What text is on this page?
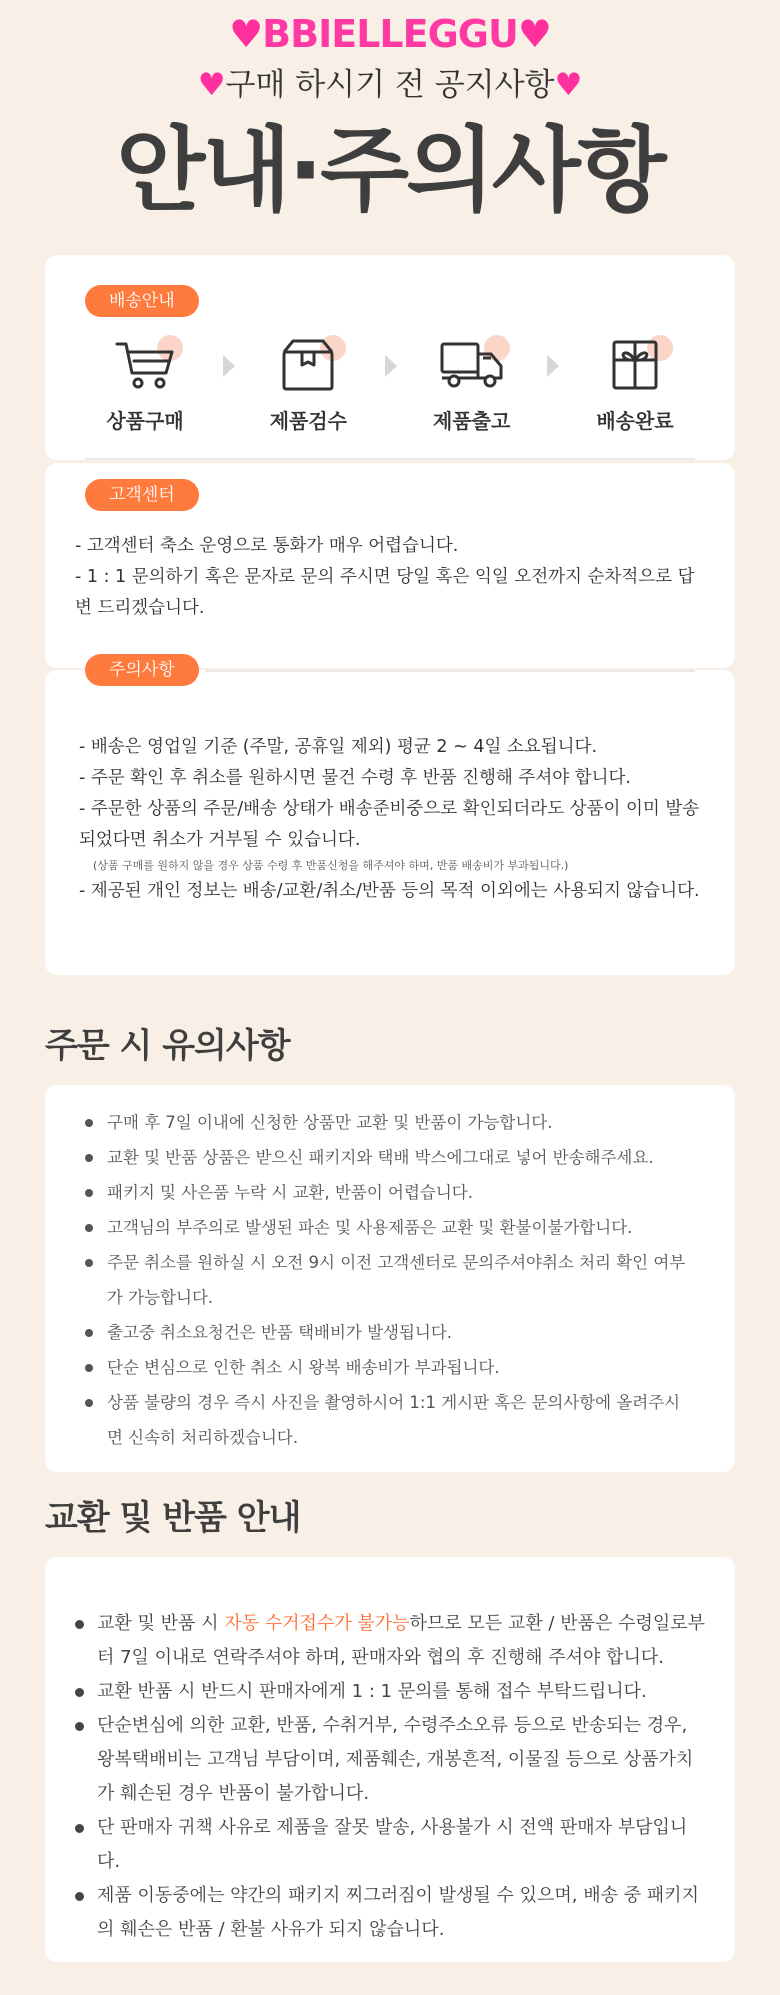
♥BBIELLEGGU♥
♥구매 하시기 전 공지사항♥
안내·주의사항
배송안내
상품구매	제품검수	제품출고	배송완료
고객센터
- 고객센터 축소 운영으로 통화가 매우 어렵습니다.
- 1 : 1 문의하기 혹은 문자로 문의 주시면 당일 혹은 익일 오전까지 순차적으로 답변 드리겠습니다.
주의사항
- 배송은 영업일 기준 (주말, 공휴일 제외) 평균 2 ~ 4일 소요됩니다.
- 주문 확인 후 취소를 원하시면 물건 수령 후 반품 진행해 주셔야 합니다.
- 주문한 상품의 주문/배송 상태가 배송준비중으로 확인되더라도 상품이 이미 발송되었다면 취소가 거부될 수 있습니다.
(상품 구매를 원하지 않을 경우 상품 수령 후 반품신청을 해주셔야 하며, 반품 배송비가 부과됩니다.)
- 제공된 개인 정보는 배송/교환/취소/반품 등의 목적 이외에는 사용되지 않습니다.
주문 시 유의사항
구매 후 7일 이내에 신청한 상품만 교환 및 반품이 가능합니다.
교환 및 반품 상품은 받으신 패키지와 택배 박스에그대로 넣어 반송해주세요.
패키지 및 사은품 누락 시 교환, 반품이 어렵습니다.
고객님의 부주의로 발생된 파손 및 사용제품은 교환 및 환불이불가합니다.
주문 취소를 원하실 시 오전 9시 이전 고객센터로 문의주셔야취소 처리 확인 여부가 가능합니다.
출고중 취소요청건은 반품 택배비가 발생됩니다.
단순 변심으로 인한 취소 시 왕복 배송비가 부과됩니다.
상품 불량의 경우 즉시 사진을 촬영하시어 1:1 게시판 혹은 문의사항에 올려주시면 신속히 처리하겠습니다.
교환 및 반품 안내
교환 및 반품 시 자동 수거접수가 불가능하므로 모든 교환 / 반품은 수령일로부터 7일 이내로 연락주셔야 하며, 판매자와 협의 후 진행해 주셔야 합니다.
교환 반품 시 반드시 판매자에게 1 : 1 문의를 통해 접수 부탁드립니다.
단순변심에 의한 교환, 반품, 수취거부, 수령주소오류 등으로 반송되는 경우, 왕복택배비는 고객님 부담이며, 제품훼손, 개봉흔적, 이물질 등으로 상품가치가 훼손된 경우 반품이 불가합니다.
단 판매자 귀책 사유로 제품을 잘못 발송, 사용불가 시 전액 판매자 부담입니다.
제품 이동중에는 약간의 패키지 찌그러짐이 발생될 수 있으며, 배송 중 패키지의 훼손은 반품 / 환불 사유가 되지 않습니다.
